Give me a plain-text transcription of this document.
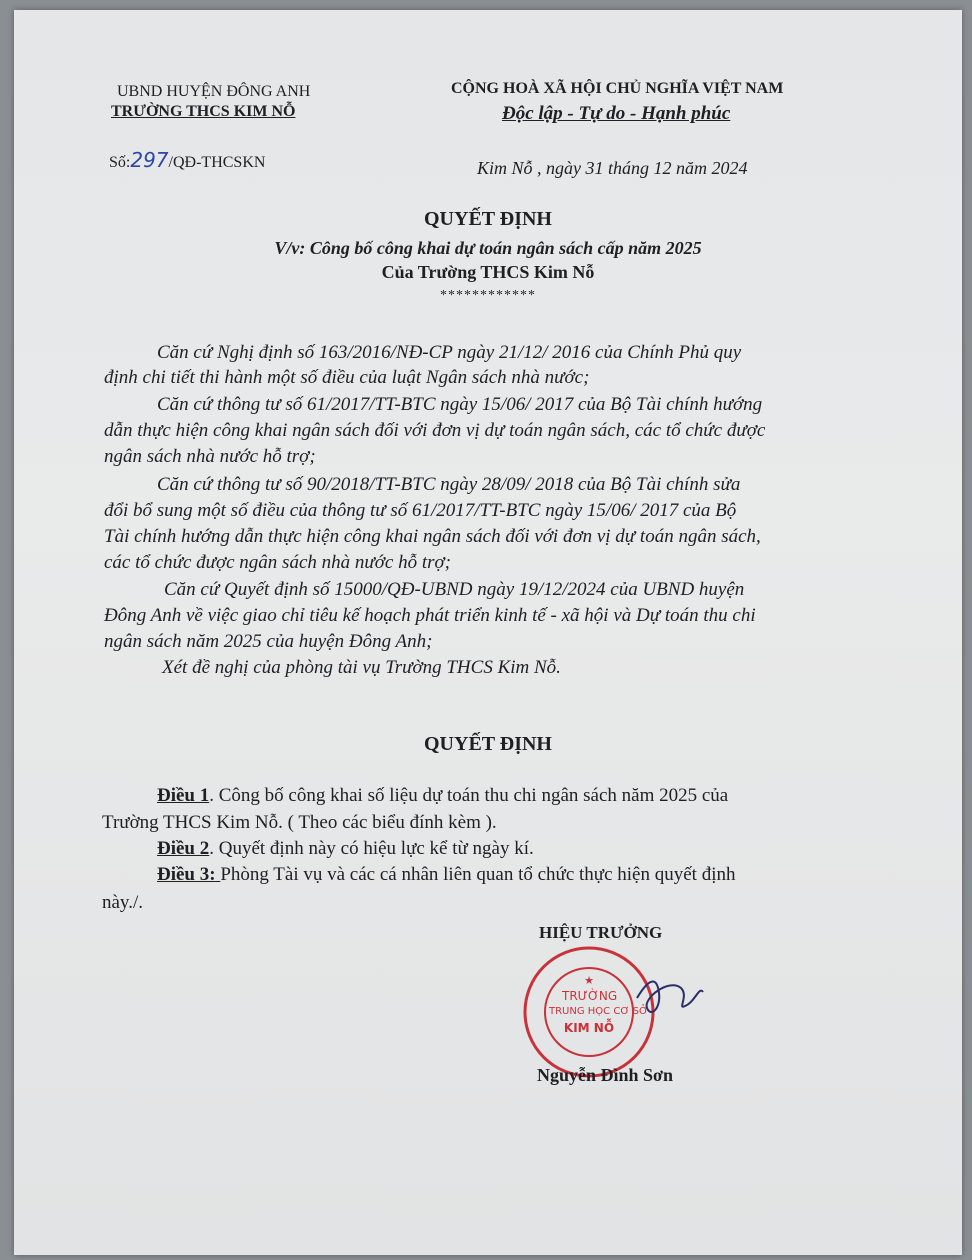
UBND HUYỆN ĐÔNG ANH
TRƯỜNG THCS KIM NỖ
Số:297/QĐ-THCSKN
CỘNG HOÀ XÃ HỘI CHỦ NGHĨA VIỆT NAM
Độc lập - Tự do - Hạnh phúc
Kim Nỗ , ngày 31 tháng 12 năm 2024
QUYẾT ĐỊNH
V/v: Công bố công khai dự toán ngân sách cấp năm 2025
Của Trường THCS Kim Nỗ
************
Căn cứ Nghị định số 163/2016/NĐ-CP ngày 21/12/ 2016 của Chính Phủ quy
định chi tiết thi hành một số điều của luật Ngân sách nhà nước;
Căn cứ thông tư số 61/2017/TT-BTC ngày 15/06/ 2017 của Bộ Tài chính hướng
dẫn thực hiện công khai ngân sách đối với đơn vị dự toán ngân sách, các tổ chức được
ngân sách nhà nước hỗ trợ;
Căn cứ thông tư số 90/2018/TT-BTC ngày 28/09/ 2018 của Bộ Tài chính sửa
đổi bổ sung một số điều của thông tư số 61/2017/TT-BTC ngày 15/06/ 2017 của Bộ
Tài chính hướng dẫn thực hiện công khai ngân sách đối với đơn vị dự toán ngân sách,
các tổ chức được ngân sách nhà nước hỗ trợ;
Căn cứ Quyết định số 15000/QĐ-UBND ngày 19/12/2024 của UBND huyện
Đông Anh về việc giao chỉ tiêu kế hoạch phát triển kinh tế - xã hội và Dự toán thu chi
ngân sách năm 2025 của huyện Đông Anh;
Xét đề nghị của phòng tài vụ Trường THCS Kim Nỗ.
QUYẾT ĐỊNH
Điều 1. Công bố công khai số liệu dự toán thu chi ngân sách năm 2025 của
Trường THCS Kim Nỗ. ( Theo các biểu đính kèm ).
Điều 2. Quyết định này có hiệu lực kể từ ngày kí.
Điều 3: Phòng Tài vụ và các cá nhân liên quan tổ chức thực hiện quyết định
này./.
HIỆU TRƯỞNG
★
TRƯỜNG
TRUNG HỌC CƠ SỞ
KIM NỖ
Nguyễn Đình Sơn
